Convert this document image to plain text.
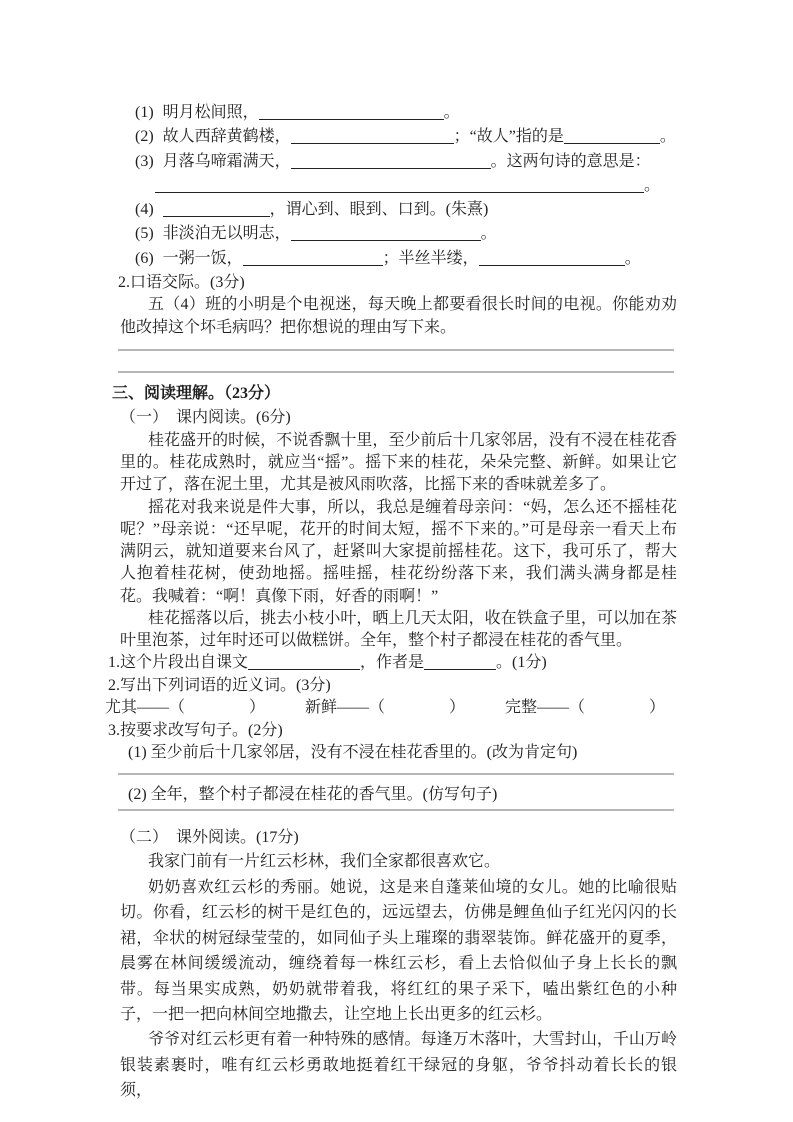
(1) 明月松间照，	。
(2) 故人西辞黄鹤楼，	；“故人”指的是	。
(3) 月落乌啼霜满天，	。这两句诗的意思是：
。
(4)	，谓心到、眼到、口到。(朱熹)
(5) 非淡泊无以明志，	。
(6) 一粥一饭，	；半丝半缕，	。
2.口语交际。(3分)

五（4）班的小明是个电视迷，每天晚上都要看很长时间的电视。你能劝劝他改掉这个坏毛病吗？把你想说的理由写下来。

三、阅读理解。（23分）
（一）　课内阅读。(6分)

桂花盛开的时候，不说香飘十里，至少前后十几家邻居，没有不浸在桂花香里的。桂花成熟时，就应当“摇”。摇下来的桂花，朵朵完整、新鲜。如果让它开过了，落在泥土里，尤其是被风雨吹落，比摇下来的香味就差多了。

摇花对我来说是件大事，所以，我总是缠着母亲问：“妈，怎么还不摇桂花呢？”母亲说：“还早呢，花开的时间太短，摇不下来的。”可是母亲一看天上布满阴云，就知道要来台风了，赶紧叫大家提前摇桂花。这下，我可乐了，帮大人抱着桂花树，使劲地摇。摇哇摇，桂花纷纷落下来，我们满头满身都是桂花。我喊着：“啊！真像下雨，好香的雨啊！”

桂花摇落以后，挑去小枝小叶，晒上几天太阳，收在铁盒子里，可以加在茶叶里泡茶，过年时还可以做糕饼。全年，整个村子都浸在桂花的香气里。

1.这个片段出自课文	，作者是	。(1分)
2.写出下列词语的近义词。(3分)
尤其——（　　　　）　　　新鲜——（　　　　）　　　完整——（　　　　）
3.按要求改写句子。(2分)
(1) 至少前后十几家邻居，没有不浸在桂花香里的。(改为肯定句)
(2) 全年，整个村子都浸在桂花的香气里。(仿写句子)
（二）　课外阅读。(17分)

我家门前有一片红云杉林，我们全家都很喜欢它。

奶奶喜欢红云杉的秀丽。她说，这是来自蓬莱仙境的女儿。她的比喻很贴切。你看，红云杉的树干是红色的，远远望去，仿佛是鲤鱼仙子红光闪闪的长裙，伞状的树冠绿莹莹的，如同仙子头上璀璨的翡翠装饰。鲜花盛开的夏季，晨雾在林间缓缓流动，缠绕着每一株红云杉，看上去恰似仙子身上长长的飘带。每当果实成熟，奶奶就带着我，将红红的果子采下，嗑出紫红色的小种子，一把一把向林间空地撒去，让空地上长出更多的红云杉。

爷爷对红云杉更有着一种特殊的感情。每逢万木落叶，大雪封山，千山万岭银装素裹时，唯有红云杉勇敢地挺着红干绿冠的身躯，爷爷抖动着长长的银须，
